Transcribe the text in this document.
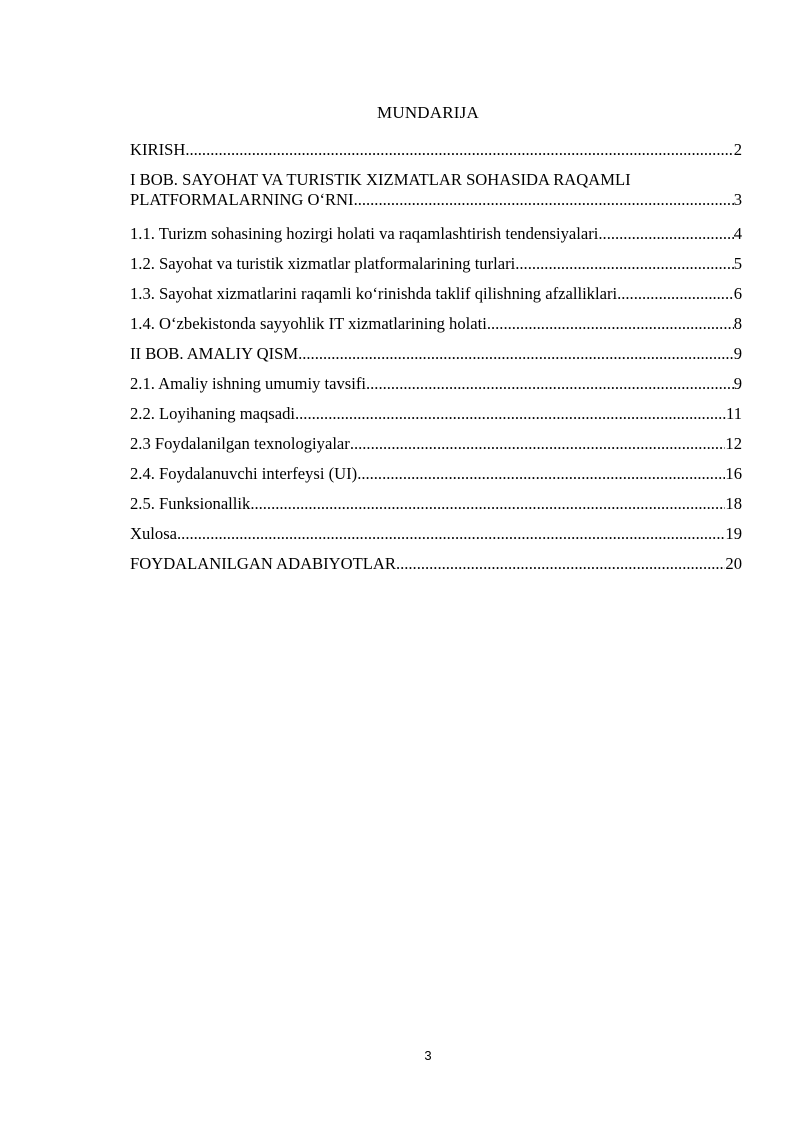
MUNDARIJA
KIRISH .....	2
I BOB. SAYOHAT VA TURISTIK XIZMATLAR SOHASIDA RAQAMLI
PLATFORMALARNING O‘RNI .....	3
1.1. Turizm sohasining hozirgi holati va raqamlashtirish tendensiyalari .....	4
1.2. Sayohat va turistik xizmatlar platformalarining turlari .....	5
1.3. Sayohat xizmatlarini raqamli ko‘rinishda taklif qilishning afzalliklari .....	6
1.4. O‘zbekistonda sayyohlik IT xizmatlarining holati .....	8
II BOB. AMALIY QISM .....	9
2.1. Amaliy ishning umumiy tavsifi .....	9
2.2. Loyihaning maqsadi .....	11
2.3 Foydalanilgan texnologiyalar .....	12
2.4. Foydalanuvchi interfeysi (UI) .....	16
2.5. Funksionallik .....	18
Xulosa .....	19
FOYDALANILGAN ADABIYOTLAR .....	20
3
